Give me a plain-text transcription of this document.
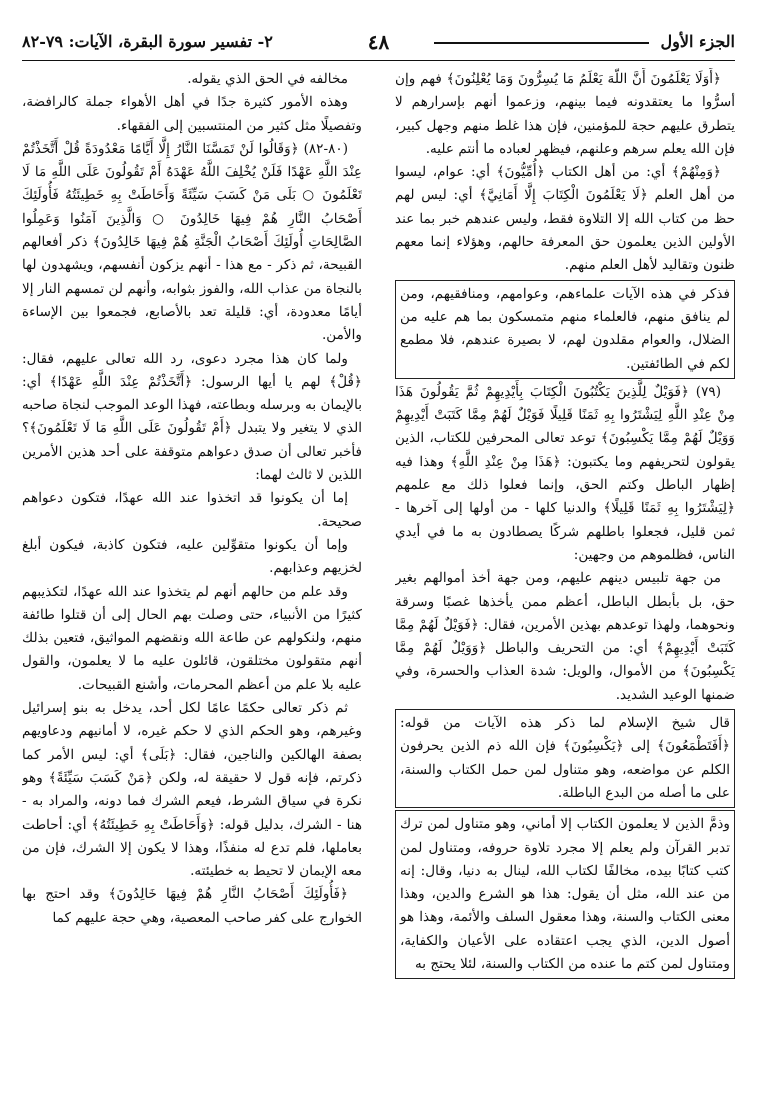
الجزء الأول
٤٨
٢- تفسير سورة البقرة، الآيات: ٧٩-٨٢

﴿أَوَلَا يَعْلَمُونَ أَنَّ اللَّهَ يَعْلَمُ مَا يُسِرُّونَ وَمَا يُعْلِنُونَ﴾ فهم وإن أسرُّوا ما يعتقدونه فيما بينهم، وزعموا أنهم بإسرارهم لا يتطرق عليهم حجة للمؤمنين، فإن هذا غلط منهم وجهل كبير، فإن الله يعلم سرهم وعلنهم، فيظهر لعباده ما أنتم عليه.

﴿وَمِنْهُمْ﴾ أي: من أهل الكتاب ﴿أُمِّيُّونَ﴾ أي: عوام، ليسوا من أهل العلم ﴿لَا يَعْلَمُونَ الْكِتَابَ إِلَّا أَمَانِيَّ﴾ أي: ليس لهم حظ من كتاب الله إلا التلاوة فقط، وليس عندهم خبر بما عند الأولين الذين يعلمون حق المعرفة حالهم، وهؤلاء إنما معهم ظنون وتقاليد لأهل العلم منهم.

فذكر في هذه الآيات علماءهم، وعوامهم، ومنافقيهم، ومن لم ينافق منهم، فالعلماء منهم متمسكون بما هم عليه من الضلال، والعوام مقلدون لهم، لا بصيرة عندهم، فلا مطمع لكم في الطائفتين.

(٧٩) ﴿فَوَيْلٌ لِلَّذِينَ يَكْتُبُونَ الْكِتَابَ بِأَيْدِيهِمْ ثُمَّ يَقُولُونَ هَذَا مِنْ عِنْدِ اللَّهِ لِيَشْتَرُوا بِهِ ثَمَنًا قَلِيلًا فَوَيْلٌ لَهُمْ مِمَّا كَتَبَتْ أَيْدِيهِمْ وَوَيْلٌ لَهُمْ مِمَّا يَكْسِبُونَ﴾ توعد تعالى المحرفين للكتاب، الذين يقولون لتحريفهم وما يكتبون: ﴿هَذَا مِنْ عِنْدِ اللَّهِ﴾ وهذا فيه إظهار الباطل وكتم الحق، وإنما فعلوا ذلك مع علمهم ﴿لِيَشْتَرُوا بِهِ ثَمَنًا قَلِيلًا﴾ والدنيا كلها - من أولها إلى آخرها - ثمن قليل، فجعلوا باطلهم شركًا يصطادون به ما في أيدي الناس، فظلموهم من وجهين:

من جهة تلبيس دينهم عليهم، ومن جهة أخذ أموالهم بغير حق، بل بأبطل الباطل، أعظم ممن يأخذها غصبًا وسرقة ونحوهما، ولهذا توعدهم بهذين الأمرين، فقال: ﴿فَوَيْلٌ لَهُمْ مِمَّا كَتَبَتْ أَيْدِيهِمْ﴾ أي: من التحريف والباطل ﴿وَوَيْلٌ لَهُمْ مِمَّا يَكْسِبُونَ﴾ من الأموال، والويل: شدة العذاب والحسرة، وفي ضمنها الوعيد الشديد.

قال شيخ الإسلام لما ذكر هذه الآيات من قوله: ﴿أَفَتَطْمَعُونَ﴾ إلى ﴿يَكْسِبُونَ﴾ فإن الله ذم الذين يحرفون الكلم عن مواضعه، وهو متناول لمن حمل الكتاب والسنة، على ما أصله من البدع الباطلة.

وذمَّ الذين لا يعلمون الكتاب إلا أماني، وهو متناول لمن ترك تدبر القرآن ولم يعلم إلا مجرد تلاوة حروفه، ومتناول لمن كتب كتابًا بيده، مخالفًا لكتاب الله، لينال به دنيا، وقال: إنه من عند الله، مثل أن يقول: هذا هو الشرع والدين، وهذا معنى الكتاب والسنة، وهذا معقول السلف والأئمة، وهذا هو أصول الدين، الذي يجب اعتقاده على الأعيان والكفاية، ومتناول لمن كتم ما عنده من الكتاب والسنة، لئلا يحتج به

مخالفه في الحق الذي يقوله.

وهذه الأمور كثيرة جدًا في أهل الأهواء جملة كالرافضة، وتفصيلًا مثل كثير من المنتسبين إلى الفقهاء.

(٨٠-٨٢) ﴿وَقَالُوا لَنْ تَمَسَّنَا النَّارُ إِلَّا أَيَّامًا مَعْدُودَةً قُلْ أَتَّخَذْتُمْ عِنْدَ اللَّهِ عَهْدًا فَلَنْ يُخْلِفَ اللَّهُ عَهْدَهُ أَمْ تَقُولُونَ عَلَى اللَّهِ مَا لَا تَعْلَمُونَ ○ بَلَى مَنْ كَسَبَ سَيِّئَةً وَأَحَاطَتْ بِهِ خَطِيئَتُهُ فَأُولَئِكَ أَصْحَابُ النَّارِ هُمْ فِيهَا خَالِدُونَ ○ وَالَّذِينَ آمَنُوا وَعَمِلُوا الصَّالِحَاتِ أُولَئِكَ أَصْحَابُ الْجَنَّةِ هُمْ فِيهَا خَالِدُونَ﴾ ذكر أفعالهم القبيحة، ثم ذكر - مع هذا - أنهم يزكون أنفسهم، ويشهدون لها بالنجاة من عذاب الله، والفوز بثوابه، وأنهم لن تمسهم النار إلا أيامًا معدودة، أي: قليلة تعد بالأصابع، فجمعوا بين الإساءة والأمن.

ولما كان هذا مجرد دعوى، رد الله تعالى عليهم، فقال: ﴿قُلْ﴾ لهم يا أيها الرسول: ﴿أَتَّخَذْتُمْ عِنْدَ اللَّهِ عَهْدًا﴾ أي: بالإيمان به وبرسله وبطاعته، فهذا الوعد الموجب لنجاة صاحبه الذي لا يتغير ولا يتبدل ﴿أَمْ تَقُولُونَ عَلَى اللَّهِ مَا لَا تَعْلَمُونَ﴾؟ فأخبر تعالى أن صدق دعواهم متوقفة على أحد هذين الأمرين اللذين لا ثالث لهما:

إما أن يكونوا قد اتخذوا عند الله عهدًا، فتكون دعواهم صحيحة.

وإما أن يكونوا متقوِّلين عليه، فتكون كاذبة، فيكون أبلغ لخزيهم وعذابهم.

وقد علم من حالهم أنهم لم يتخذوا عند الله عهدًا، لتكذيبهم كثيرًا من الأنبياء، حتى وصلت بهم الحال إلى أن قتلوا طائفة منهم، ولنكولهم عن طاعة الله ونقضهم المواثيق، فتعين بذلك أنهم متقولون مختلقون، قائلون عليه ما لا يعلمون، والقول عليه بلا علم من أعظم المحرمات، وأشنع القبيحات.

ثم ذكر تعالى حكمًا عامًا لكل أحد، يدخل به بنو إسرائيل وغيرهم، وهو الحكم الذي لا حكم غيره، لا أمانيهم ودعاويهم بصفة الهالكين والناجين، فقال: ﴿بَلَى﴾ أي: ليس الأمر كما ذكرتم، فإنه قول لا حقيقة له، ولكن ﴿مَنْ كَسَبَ سَيِّئَةً﴾ وهو نكرة في سياق الشرط، فيعم الشرك فما دونه، والمراد به - هنا - الشرك، بدليل قوله: ﴿وَأَحَاطَتْ بِهِ خَطِيئَتُهُ﴾ أي: أحاطت بعاملها، فلم تدع له منفذًا، وهذا لا يكون إلا الشرك، فإن من معه الإيمان لا تحيط به خطيئته.

﴿فَأُولَئِكَ أَصْحَابُ النَّارِ هُمْ فِيهَا خَالِدُونَ﴾ وقد احتج بها الخوارج على كفر صاحب المعصية، وهي حجة عليهم كما
